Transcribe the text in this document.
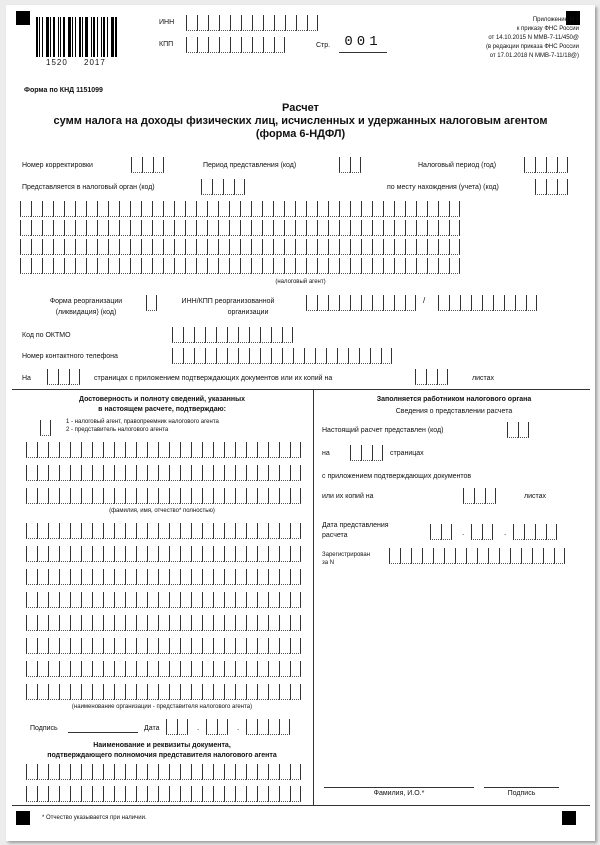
1520 2017
ИНН
КПП	Стр.	001
Приложение N 1
к приказу ФНС России
от 14.10.2015 N ММВ-7-11/450@
(в редакции приказа ФНС России
от 17.01.2018 N ММВ-7-11/18@)
Форма по КНД 1151099
Расчет
сумм налога на доходы физических лиц, исчисленных и удержанных налоговым агентом
(форма 6-НДФЛ)
Номер корректировки	Период представления (код)	Налоговый период (год)
Представляется в налоговый орган (код)	по месту нахождения (учета) (код)
(налоговый агент)
Форма реорганизации
(ликвидация) (код)
ИНН/КПП реорганизованной
организации
/
Код по ОКТМО
Номер контактного телефона
На	страницах с приложением подтверждающих документов или их копий на	листах
Достоверность и полноту сведений, указанных
в настоящем расчете, подтверждаю:
1 - налоговый агент, правопреемник налогового агента
2 - представитель налогового агента
(фамилия, имя, отчество* полностью)
(наименование организации - представителя налогового агента)
Подпись	Дата	.	.
Наименование и реквизиты документа,
подтверждающего полномочия представителя налогового агента
Заполняется работником налогового органа
Сведения о представлении расчета
Настоящий расчет представлен (код)
на	страницах
с приложением подтверждающих документов
или их копий на	листах
Дата представления
расчета	.	.
Зарегистрирован
за N
Фамилия, И.О.*	Подпись
* Отчество указывается при наличии.
